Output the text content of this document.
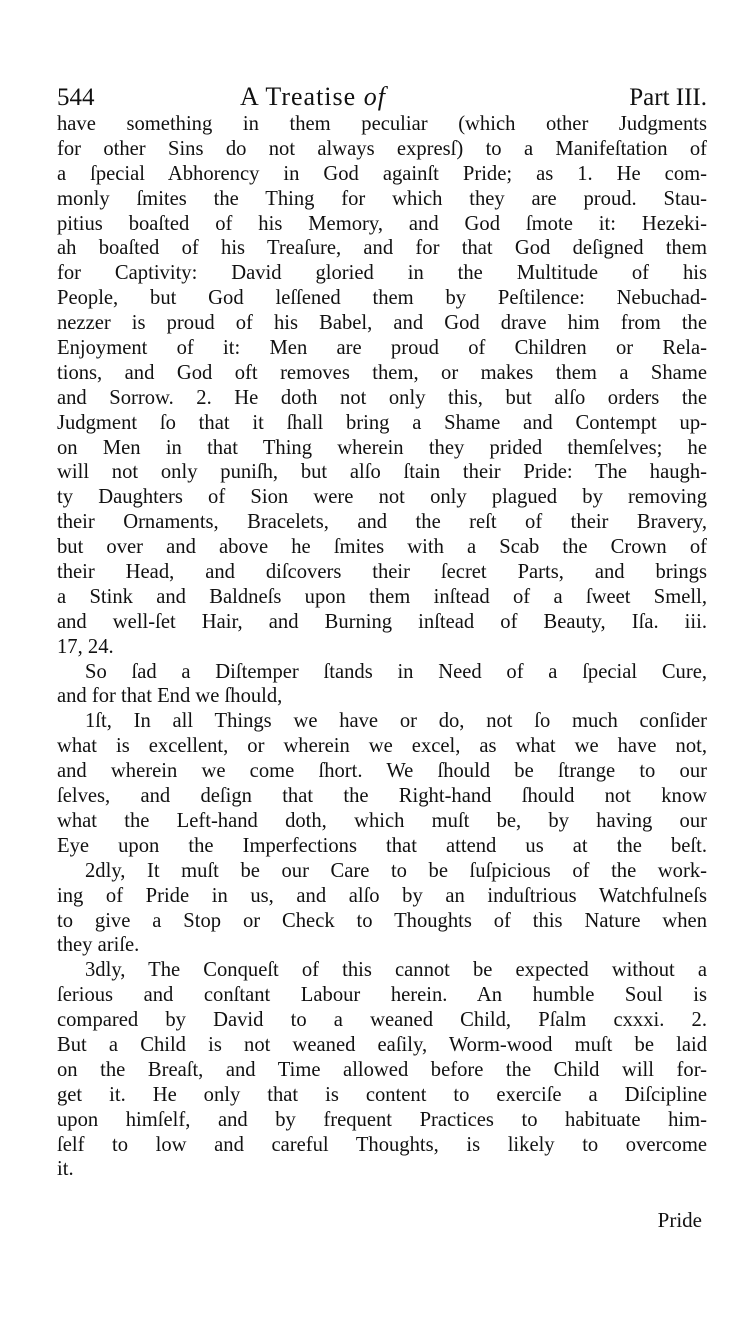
544	A Treatise of	Part III.
have something in them peculiar (which other Judgments
for other Sins do not always expresſ) to a Manifeſtation of
a ſpecial Abhorency in God againſt Pride; as 1. He com-
monly ſmites the Thing for which they are proud. Stau-
pitius boaſted of his Memory, and God ſmote it: Hezeki-
ah boaſted of his Treaſure, and for that God deſigned them
for Captivity: David gloried in the Multitude of his
People, but God leſſened them by Peſtilence: Nebuchad-
nezzer is proud of his Babel, and God drave him from the
Enjoyment of it: Men are proud of Children or Rela-
tions, and God oft removes them, or makes them a Shame
and Sorrow. 2. He doth not only this, but alſo orders the
Judgment ſo that it ſhall bring a Shame and Contempt up-
on Men in that Thing wherein they prided themſelves; he
will not only puniſh, but alſo ſtain their Pride: The haugh-
ty Daughters of Sion were not only plagued by removing
their Ornaments, Bracelets, and the reſt of their Bravery,
but over and above he ſmites with a Scab the Crown of
their Head, and diſcovers their ſecret Parts, and brings
a Stink and Baldneſs upon them inſtead of a ſweet Smell,
and well-ſet Hair, and Burning inſtead of Beauty, Iſa. iii.
17, 24.
So ſad a Diſtemper ſtands in Need of a ſpecial Cure,
and for that End we ſhould,
1ſt, In all Things we have or do, not ſo much conſider
what is excellent, or wherein we excel, as what we have not,
and wherein we come ſhort. We ſhould be ſtrange to our
ſelves, and deſign that the Right-hand ſhould not know
what the Left-hand doth, which muſt be, by having our
Eye upon the Imperfections that attend us at the beſt.
2dly, It muſt be our Care to be ſuſpicious of the work-
ing of Pride in us, and alſo by an induſtrious Watchfulneſs
to give a Stop or Check to Thoughts of this Nature when
they ariſe.
3dly, The Conqueſt of this cannot be expected without a
ſerious and conſtant Labour herein. An humble Soul is
compared by David to a weaned Child, Pſalm cxxxi. 2.
But a Child is not weaned eaſily, Worm-wood muſt be laid
on the Breaſt, and Time allowed before the Child will for-
get it. He only that is content to exerciſe a Diſcipline
upon himſelf, and by frequent Practices to habituate him-
ſelf to low and careful Thoughts, is likely to overcome
it.
Pride
